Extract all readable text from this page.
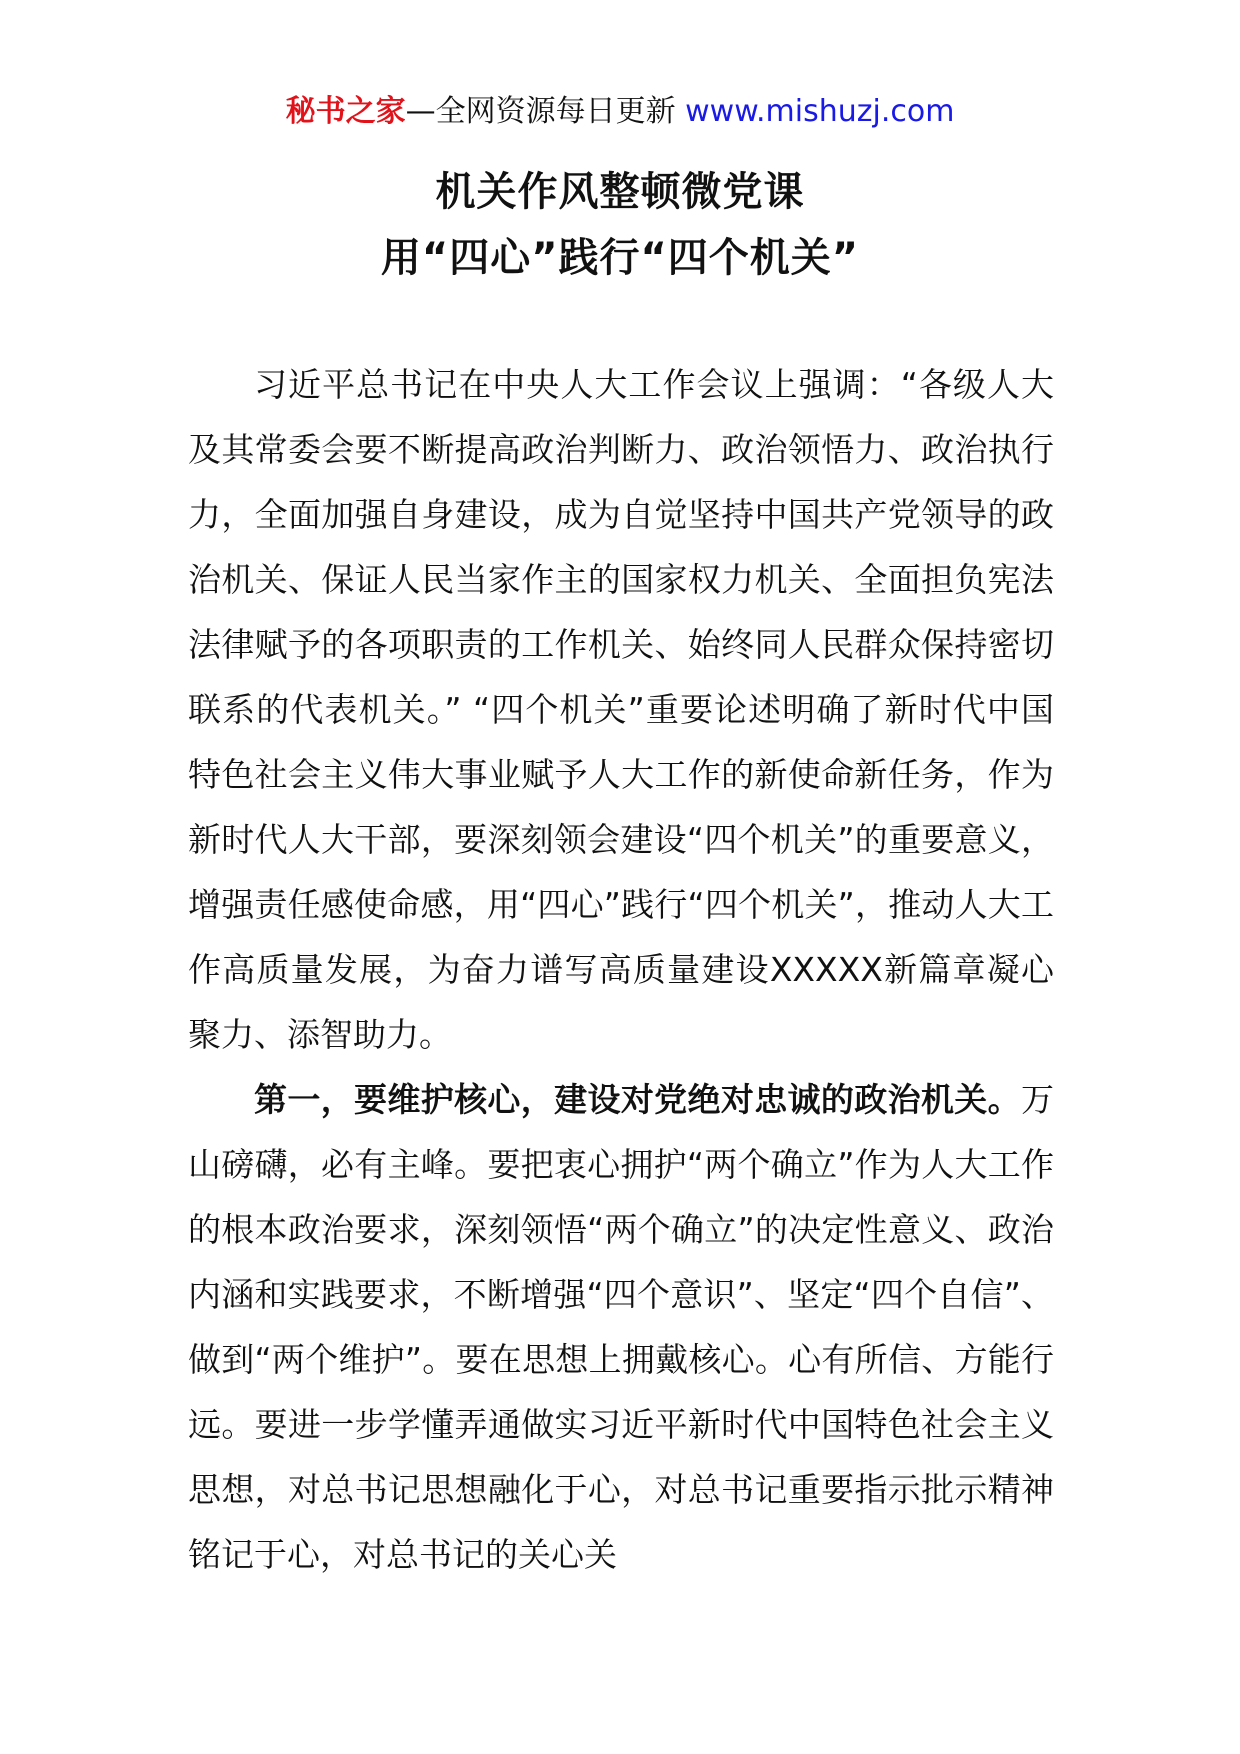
秘书之家—全网资源每日更新 www.mishuzj.com
机关作风整顿微党课
用“四心”践行“四个机关”

习近平总书记在中央人大工作会议上强调：“各级人大及其常委会要不断提高政治判断力、政治领悟力、政治执行力，全面加强自身建设，成为自觉坚持中国共产党领导的政治机关、保证人民当家作主的国家权力机关、全面担负宪法法律赋予的各项职责的工作机关、始终同人民群众保持密切联系的代表机关。” “四个机关”重要论述明确了新时代中国特色社会主义伟大事业赋予人大工作的新使命新任务，作为新时代人大干部，要深刻领会建设“四个机关”的重要意义，增强责任感使命感，用“四心”践行“四个机关”，推动人大工作高质量发展，为奋力谱写高质量建设XXXXX新篇章凝心聚力、添智助力。

第一，要维护核心，建设对党绝对忠诚的政治机关。万山磅礴，必有主峰。要把衷心拥护“两个确立”作为人大工作的根本政治要求，深刻领悟“两个确立”的决定性意义、政治内涵和实践要求，不断增强“四个意识”、坚定“四个自信”、做到“两个维护”。要在思想上拥戴核心。心有所信、方能行远。要进一步学懂弄通做实习近平新时代中国特色社会主义思想，对总书记思想融化于心，对总书记重要指示批示精神铭记于心，对总书记的关心关
